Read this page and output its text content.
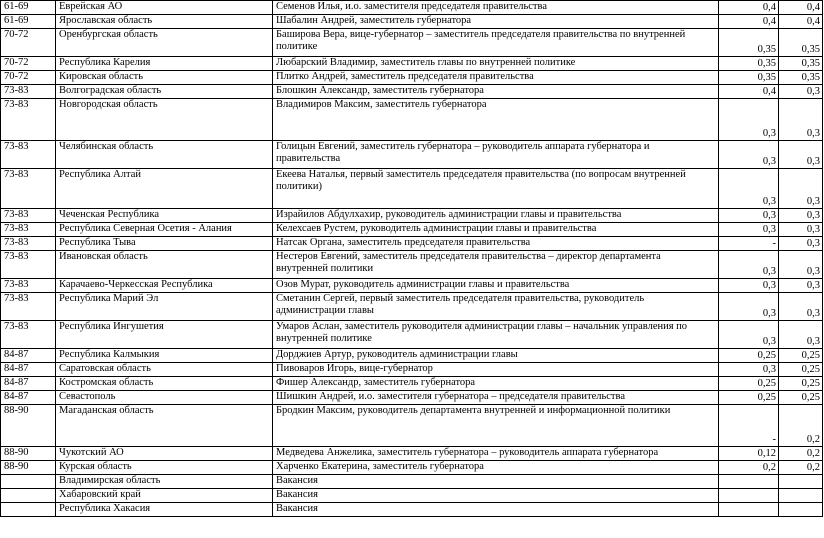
61-69	Еврейская АО	Семенов Илья, и.о. заместителя председателя правительства	0,4	0,4
61-69	Ярославская область	Шабалин Андрей, заместитель губернатора	0,4	0,4
70-72	Оренбургская область	Баширова Вера, вице-губернатор – заместитель председателя правительства по внутренней политике	0,35	0,35
70-72	Республика Карелия	Любарский Владимир, заместитель главы по внутренней политике	0,35	0,35
70-72	Кировская область	Плитко Андрей, заместитель председателя правительства	0,35	0,35
73-83	Волгоградская область	Блошкин Александр, заместитель губернатора	0,4	0,3
73-83	Новгородская область	Владимиров Максим, заместитель губернатора	0,3	0,3
73-83	Челябинская область	Голицын Евгений, заместитель губернатора – руководитель аппарата губернатора и правительства	0,3	0,3
73-83	Республика Алтай	Екеева Наталья, первый заместитель председателя правительства (по вопросам внутренней политики)	0,3	0,3
73-83	Чеченская Республика	Израйилов Абдулхахир, руководитель администрации главы и правительства	0,3	0,3
73-83	Республика Северная Осетия - Алания	Келехсаев Рустем, руководитель администрации главы и правительства	0,3	0,3
73-83	Республика Тыва	Натсак Органа, заместитель председателя правительства	-	0,3
73-83	Ивановская область	Нестеров Евгений, заместитель председателя правительства – директор департамента внутренней политики	0,3	0,3
73-83	Карачаево-Черкесская Республика	Озов Мурат, руководитель администрации главы и правительства	0,3	0,3
73-83	Республика Марий Эл	Сметанин Сергей, первый заместитель председателя правительства, руководитель администрации главы	0,3	0,3
73-83	Республика Ингушетия	Умаров Аслан, заместитель руководителя администрации главы – начальник управления по внутренней политике	0,3	0,3
84-87	Республика Калмыкия	Дорджиев Артур, руководитель администрации главы	0,25	0,25
84-87	Саратовская область	Пивоваров Игорь, вице-губернатор	0,3	0,25
84-87	Костромская область	Фишер Александр, заместитель губернатора	0,25	0,25
84-87	Севастополь	Шишкин Андрей, и.о. заместителя губернатора – председателя правительства	0,25	0,25
88-90	Магаданская область	Бродкин Максим, руководитель департамента внутренней и информационной политики	-	0,2
88-90	Чукотский АО	Медведева Анжелика, заместитель губернатора – руководитель аппарата губернатора	0,12	0,2
88-90	Курская область	Харченко Екатерина, заместитель губернатора	0,2	0,2
	Владимирская область	Вакансия		
	Хабаровский край	Вакансия		
	Республика Хакасия	Вакансия		
